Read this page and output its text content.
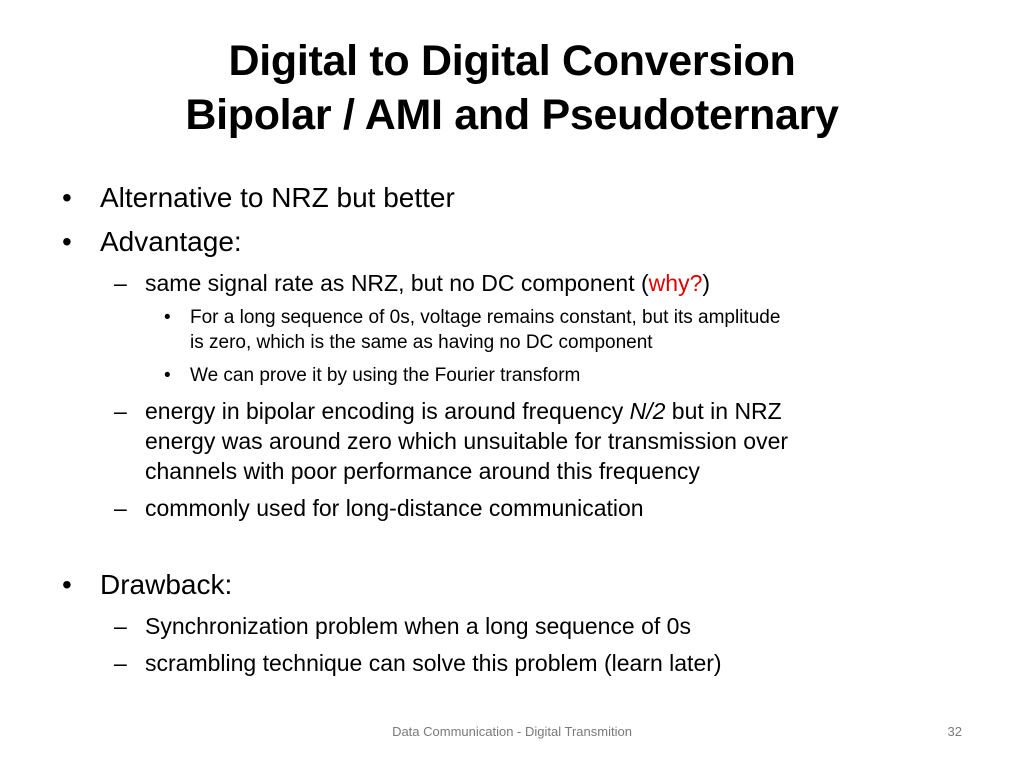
Digital to Digital Conversion
Bipolar / AMI and Pseudoternary
• Alternative to NRZ but better
• Advantage:
– same signal rate as NRZ, but no DC component (why?)
• For a long sequence of 0s, voltage remains constant, but its amplitude
is zero, which is the same as having no DC component
• We can prove it by using the Fourier transform
– energy in bipolar encoding is around frequency N/2 but in NRZ
energy was around zero which unsuitable for transmission over
channels with poor performance around this frequency
– commonly used for long-distance communication
• Drawback:
– Synchronization problem when a long sequence of 0s
– scrambling technique can solve this problem (learn later)
Data Communication - Digital Transmition	32
